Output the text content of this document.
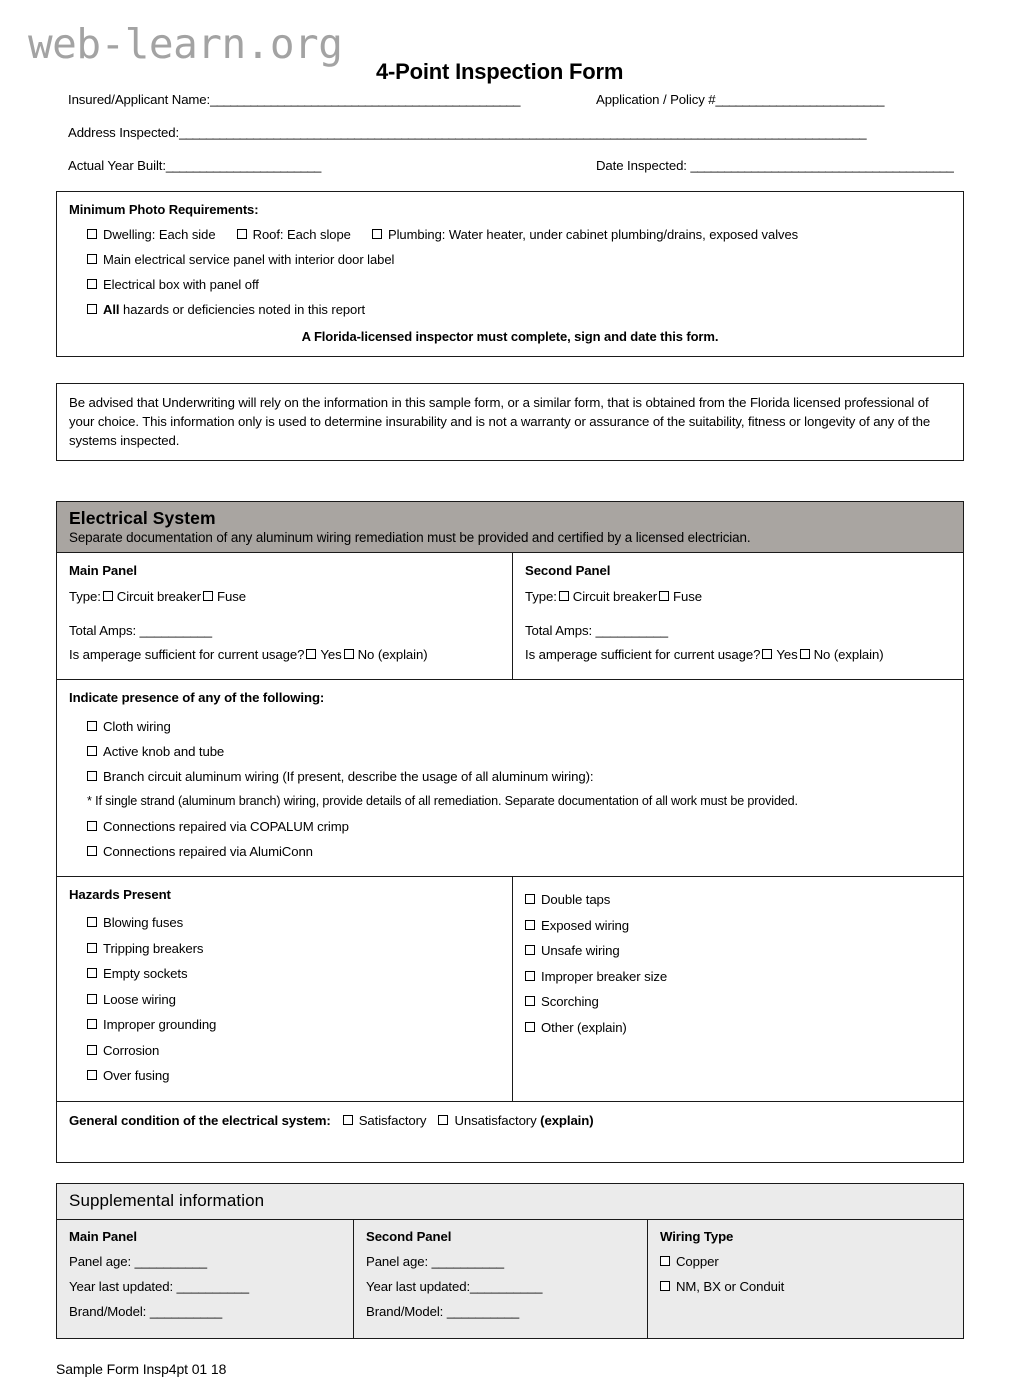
web-learn.org
4-Point Inspection Form
Insured/Applicant Name:______________________________________________	Application / Policy #_________________________
Address Inspected:______________________________________________________________________________________________________
Actual Year Built:_______________________	Date Inspected: _______________________________________
Minimum Photo Requirements:
Dwelling: Each side	Roof: Each slope	Plumbing: Water heater, under cabinet plumbing/drains, exposed valves
Main electrical service panel with interior door label
Electrical box with panel off
All hazards or deficiencies noted in this report
A Florida-licensed inspector must complete, sign and date this form.
Be advised that Underwriting will rely on the information in this sample form, or a similar form, that is obtained from the Florida licensed professional of your choice. This information only is used to determine insurability and is not a warranty or assurance of the suitability, fitness or longevity of any of the systems inspected.
Electrical System
Separate documentation of any aluminum wiring remediation must be provided and certified by a licensed electrician.
Main Panel
Type: Circuit breaker Fuse
Total Amps: __________
Is amperage sufficient for current usage? Yes No (explain)
Second Panel
Type: Circuit breaker Fuse
Total Amps: __________
Is amperage sufficient for current usage? Yes No (explain)
Indicate presence of any of the following:
Cloth wiring
Active knob and tube
Branch circuit aluminum wiring (If present, describe the usage of all aluminum wiring):
* If single strand (aluminum branch) wiring, provide details of all remediation. Separate documentation of all work must be provided.
Connections repaired via COPALUM crimp
Connections repaired via AlumiConn
Hazards Present
Blowing fuses
Tripping breakers
Empty sockets
Loose wiring
Improper grounding
Corrosion
Over fusing
Double taps
Exposed wiring
Unsafe wiring
Improper breaker size
Scorching
Other (explain)
General condition of the electrical system: Satisfactory Unsatisfactory (explain)
Supplemental information
Main Panel
Panel age: __________
Year last updated: __________
Brand/Model: __________
Second Panel
Panel age: __________
Year last updated:__________
Brand/Model: __________
Wiring Type
Copper
NM, BX or Conduit
Sample Form Insp4pt 01 18
